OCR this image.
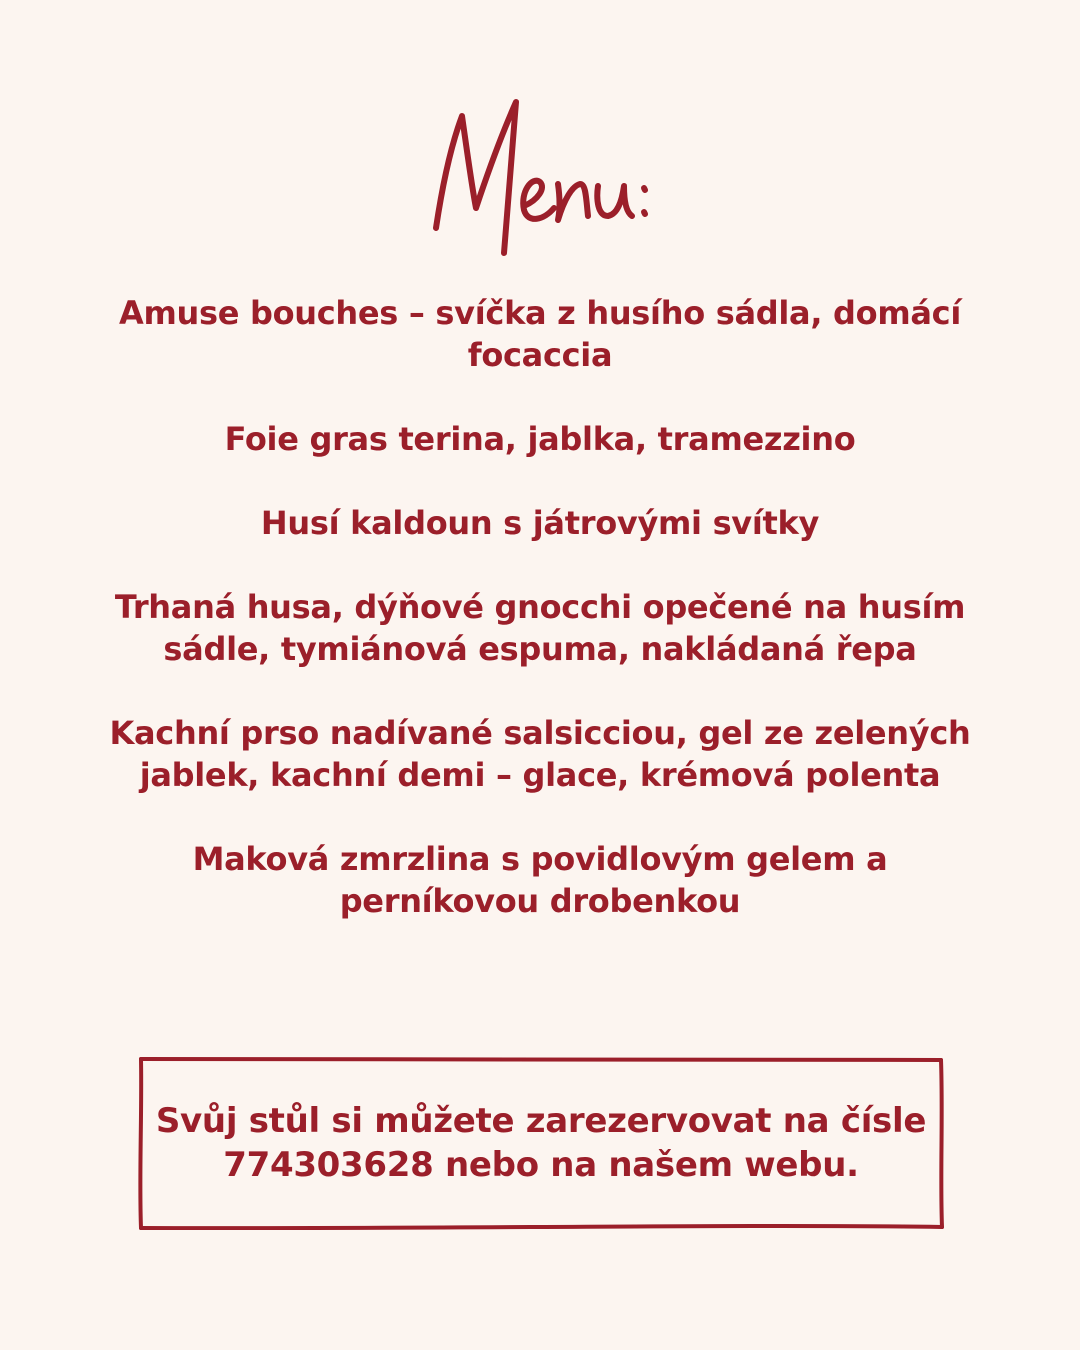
Amuse bouches – svíčka z husího sádla, domácí focaccia
Foie gras terina, jablka, tramezzino
Husí kaldoun s játrovými svítky
Trhaná husa, dýňové gnocchi opečené na husím sádle, tymiánová espuma, nakládaná řepa
Kachní prso nadívané salsicciou, gel ze zelených jablek, kachní demi – glace, krémová polenta
Maková zmrzlina s povidlovým gelem a perníkovou drobenkou
Svůj stůl si můžete zarezervovat na čísle 774303628 nebo na našem webu.
